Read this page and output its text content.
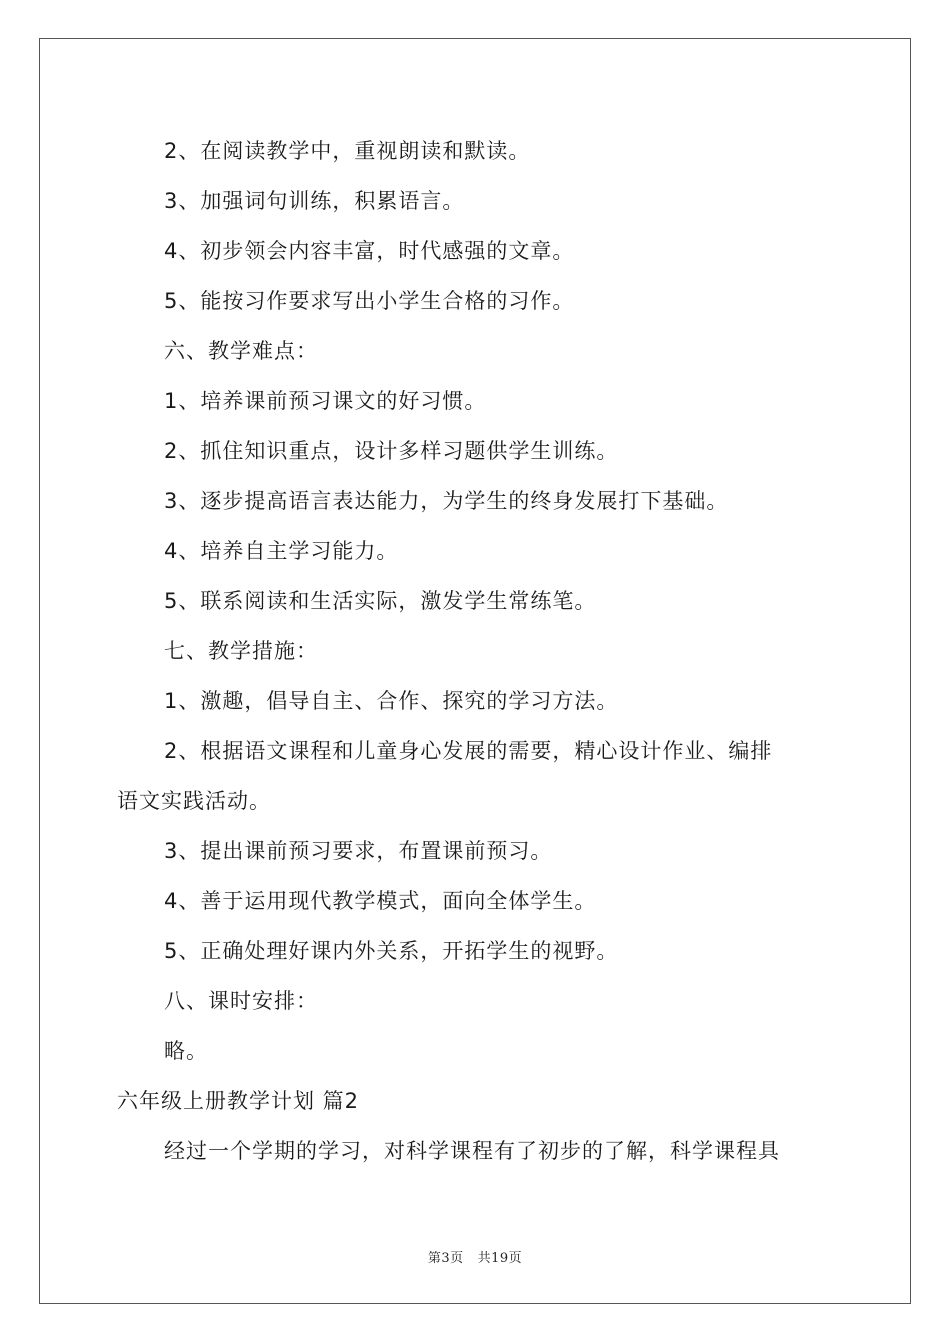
2、在阅读教学中，重视朗读和默读。
3、加强词句训练，积累语言。
4、初步领会内容丰富，时代感强的文章。
5、能按习作要求写出小学生合格的习作。
六、教学难点：
1、培养课前预习课文的好习惯。
2、抓住知识重点，设计多样习题供学生训练。
3、逐步提高语言表达能力，为学生的终身发展打下基础。
4、培养自主学习能力。
5、联系阅读和生活实际，激发学生常练笔。
七、教学措施：
1、激趣，倡导自主、合作、探究的学习方法。
2、根据语文课程和儿童身心发展的需要，精心设计作业、编排
语文实践活动。
3、提出课前预习要求，布置课前预习。
4、善于运用现代教学模式，面向全体学生。
5、正确处理好课内外关系，开拓学生的视野。
八、课时安排：
略。
六年级上册教学计划 篇2
经过一个学期的学习，对科学课程有了初步的了解，科学课程具
第3页 共19页
